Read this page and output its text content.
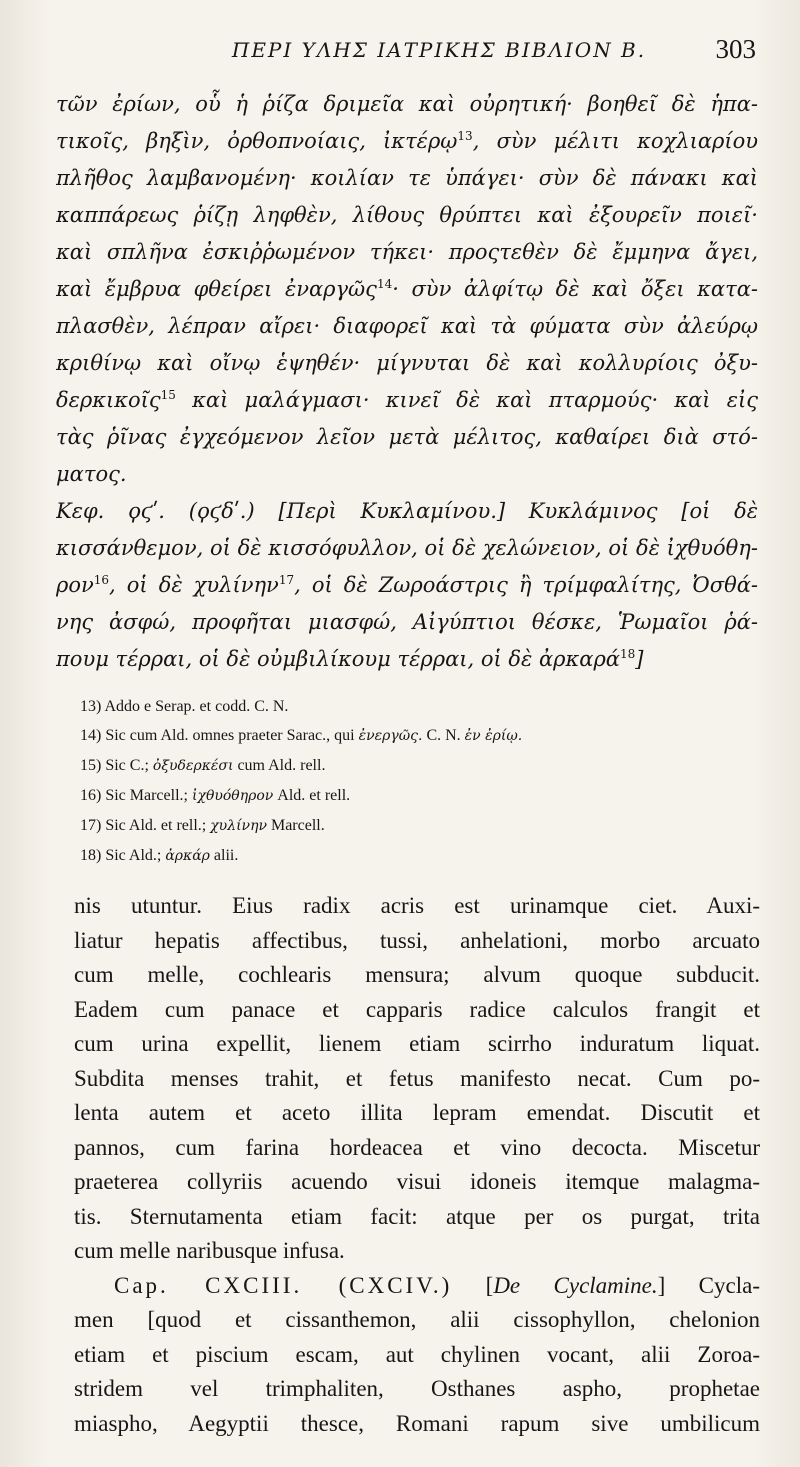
ΠΕΡΙ ΥΛΗΣ ΙΑΤΡΙΚΗΣ ΒΙΒΛΙΟΝ Β.	303
τῶν ἐρίων, οὗ ἡ ῥίζα δριμεῖα καὶ οὐρητική· βοηθεῖ δὲ ἡπα-
τικοῖς, βηξὶν, ὀρθοπνοίαις, ἰκτέρῳ$^{13}$, σὺν μέλιτι κοχλιαρίου
πλῆθος λαμβανομένη· κοιλίαν τε ὑπάγει· σὺν δὲ πάνακι καὶ
καππάρεως ῥίζῃ ληφθὲν, λίθους θρύπτει καὶ ἐξουρεῖν ποιεῖ·
καὶ σπλῆνα ἐσκιῤῥωμένον τήκει· προςτεθὲν δὲ ἔμμηνα ἄγει,
καὶ ἔμβρυα φθείρει ἐναργῶς$^{14}$· σὺν ἀλφίτῳ δὲ καὶ ὄξει κατα-
πλασθὲν, λέπραν αἴρει· διαφορεῖ καὶ τὰ φύματα σὺν ἀλεύρῳ
κριθίνῳ καὶ οἴνῳ ἑψηθέν· μίγνυται δὲ καὶ κολλυρίοις ὀξυ-
δερκικοῖς$^{15}$ καὶ μαλάγμασι· κινεῖ δὲ καὶ πταρμούς· καὶ εἰς
τὰς ῥῖνας ἐγχεόμενον λεῖον μετὰ μέλιτος, καθαίρει διὰ στό-
ματος.
Κεφ. ϙϛʹ. (ϙϛδʹ.) [Περὶ Κυκλαμίνου.] Κυκλάμινος [οἱ δὲ
κισσάνθεμον, οἱ δὲ κισσόφυλλον, οἱ δὲ χελώνειον, οἱ δὲ ἰχθυόθη-
ρον$^{16}$, οἱ δὲ χυλίνην$^{17}$, οἱ δὲ Ζωροάστρις ἢ τρίμφαλίτης, Ὀσθά-
νης ἀσφώ, προφῆται μιασφώ, Αἰγύπτιοι θέσκε, Ῥωμαῖοι ῥά-
πουμ τέρραι, οἱ δὲ οὐμβιλίκουμ τέρραι, οἱ δὲ ἀρκαρά$^{18}$]
13) Addo e Serap. et codd. C. N.
14) Sic cum Ald. omnes praeter Sarac., qui ἐνεργῶς. C. N. ἐν ἐρίῳ.
15) Sic C.; ὀξυδερκέσι cum Ald. rell.
16) Sic Marcell.; ἰχθυόθηρον Ald. et rell.
17) Sic Ald. et rell.; χυλίνην Marcell.
18) Sic Ald.; ἀρκάρ alii.
nis utuntur. Eius radix acris est urinamque ciet. Auxi-
liatur hepatis affectibus, tussi, anhelationi, morbo arcuato
cum melle, cochlearis mensura; alvum quoque subducit.
Eadem cum panace et capparis radice calculos frangit et
cum urina expellit, lienem etiam scirrho induratum liquat.
Subdita menses trahit, et fetus manifesto necat. Cum po-
lenta autem et aceto illita lepram emendat. Discutit et
pannos, cum farina hordeacea et vino decocta. Miscetur
praeterea collyriis acuendo visui idoneis itemque malagma-
tis. Sternutamenta etiam facit: atque per os purgat, trita
cum melle naribusque infusa.
Cap. CXCIII. (CXCIV.) [De Cyclamine.] Cycla-
men [quod et cissanthemon, alii cissophyllon, chelonion
etiam et piscium escam, aut chylinen vocant, alii Zoroa-
stridem vel trimphaliten, Osthanes aspho, prophetae
miaspho, Aegyptii thesce, Romani rapum sive umbilicum
